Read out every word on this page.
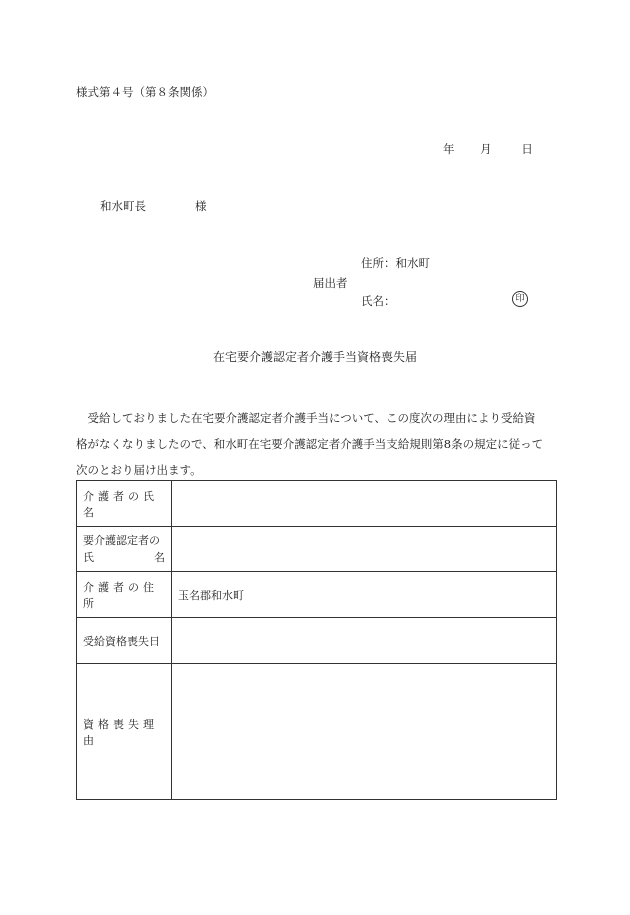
様式第４号（第８条関係）
年 月	日
和水町長	様
住所：和水町
届出者
氏名：	印
在宅要介護認定者介護手当資格喪失届

　受給しておりました在宅要介護認定者介護手当について、この度次の理由により受給資

格がなくなりましたので、和水町在宅要介護認定者介護手当支給規則第8条の規定に従って

次のとおり届け出ます。

介護者の氏名	

要介護認定者の
氏 名	

介護者の住所	玉名郡和水町
受給資格喪失日	
資格喪失理由	
